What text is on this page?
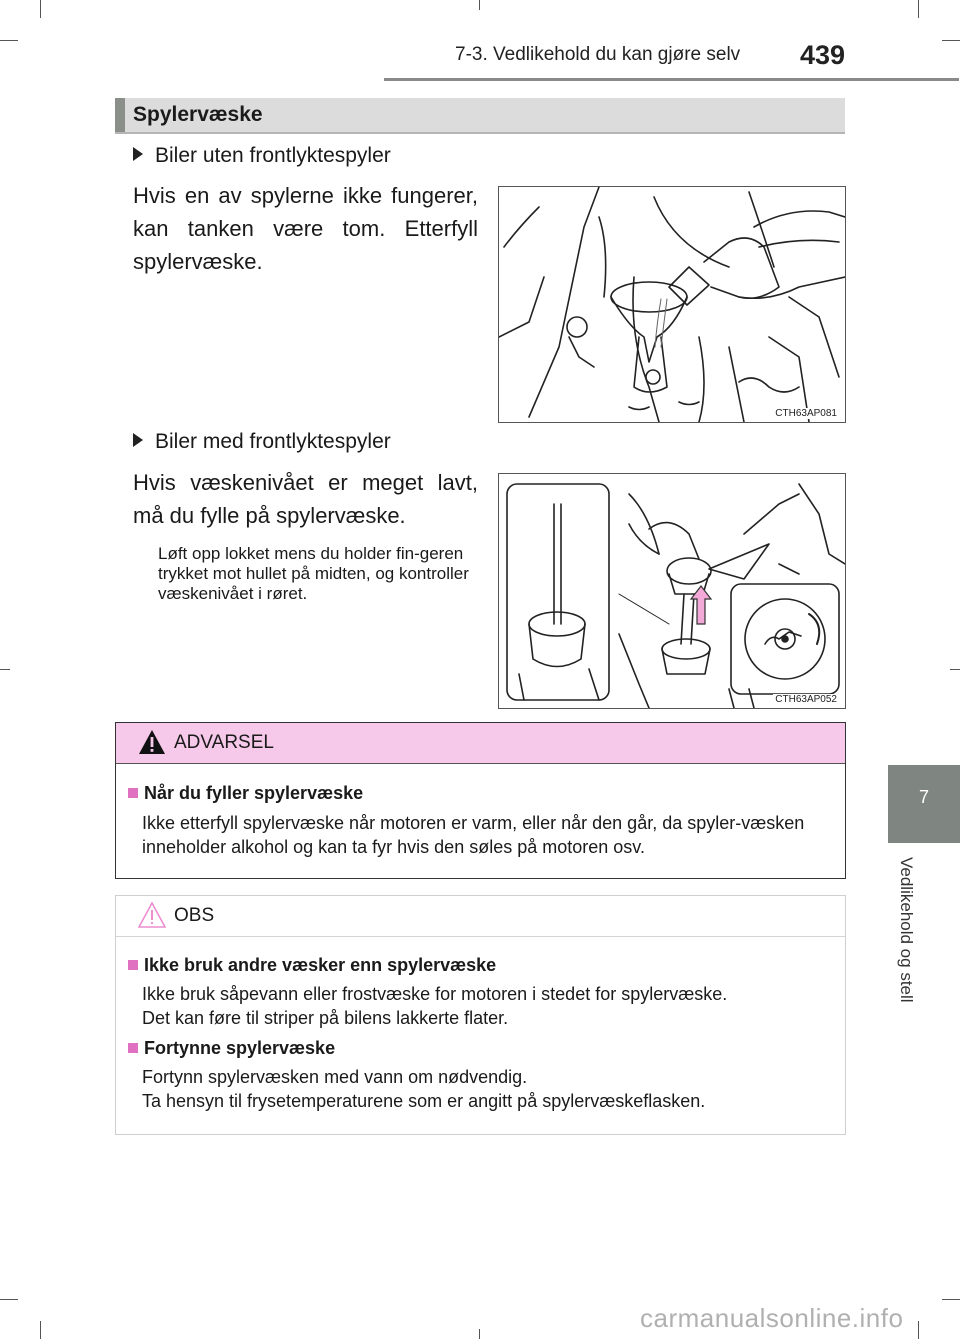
7-3. Vedlikehold du kan gjøre selv 439
7
Vedlikehold og stell
Spylervæske
Biler uten frontlyktespyler
Hvis en av spylerne ikke fungerer, kan tanken være tom. Etterfyll spylervæske.
CTH63AP081
Biler med frontlyktespyler
Hvis væskenivået er meget lavt, må du fylle på spylervæske.
Løft opp lokket mens du holder fin-geren trykket mot hullet på midten, og kontroller væskenivået i røret.
CTH63AP052
ADVARSEL
Når du fyller spylervæske
Ikke etterfyll spylervæske når motoren er varm, eller når den går, da spyler-væsken inneholder alkohol og kan ta fyr hvis den søles på motoren osv.
OBS
Ikke bruk andre væsker enn spylervæske
Ikke bruk såpevann eller frostvæske for motoren i stedet for spylervæske.
Det kan føre til striper på bilens lakkerte flater.
Fortynne spylervæske
Fortynn spylervæsken med vann om nødvendig.
Ta hensyn til frysetemperaturene som er angitt på spylervæskeflasken.
carmanualsonline.info
